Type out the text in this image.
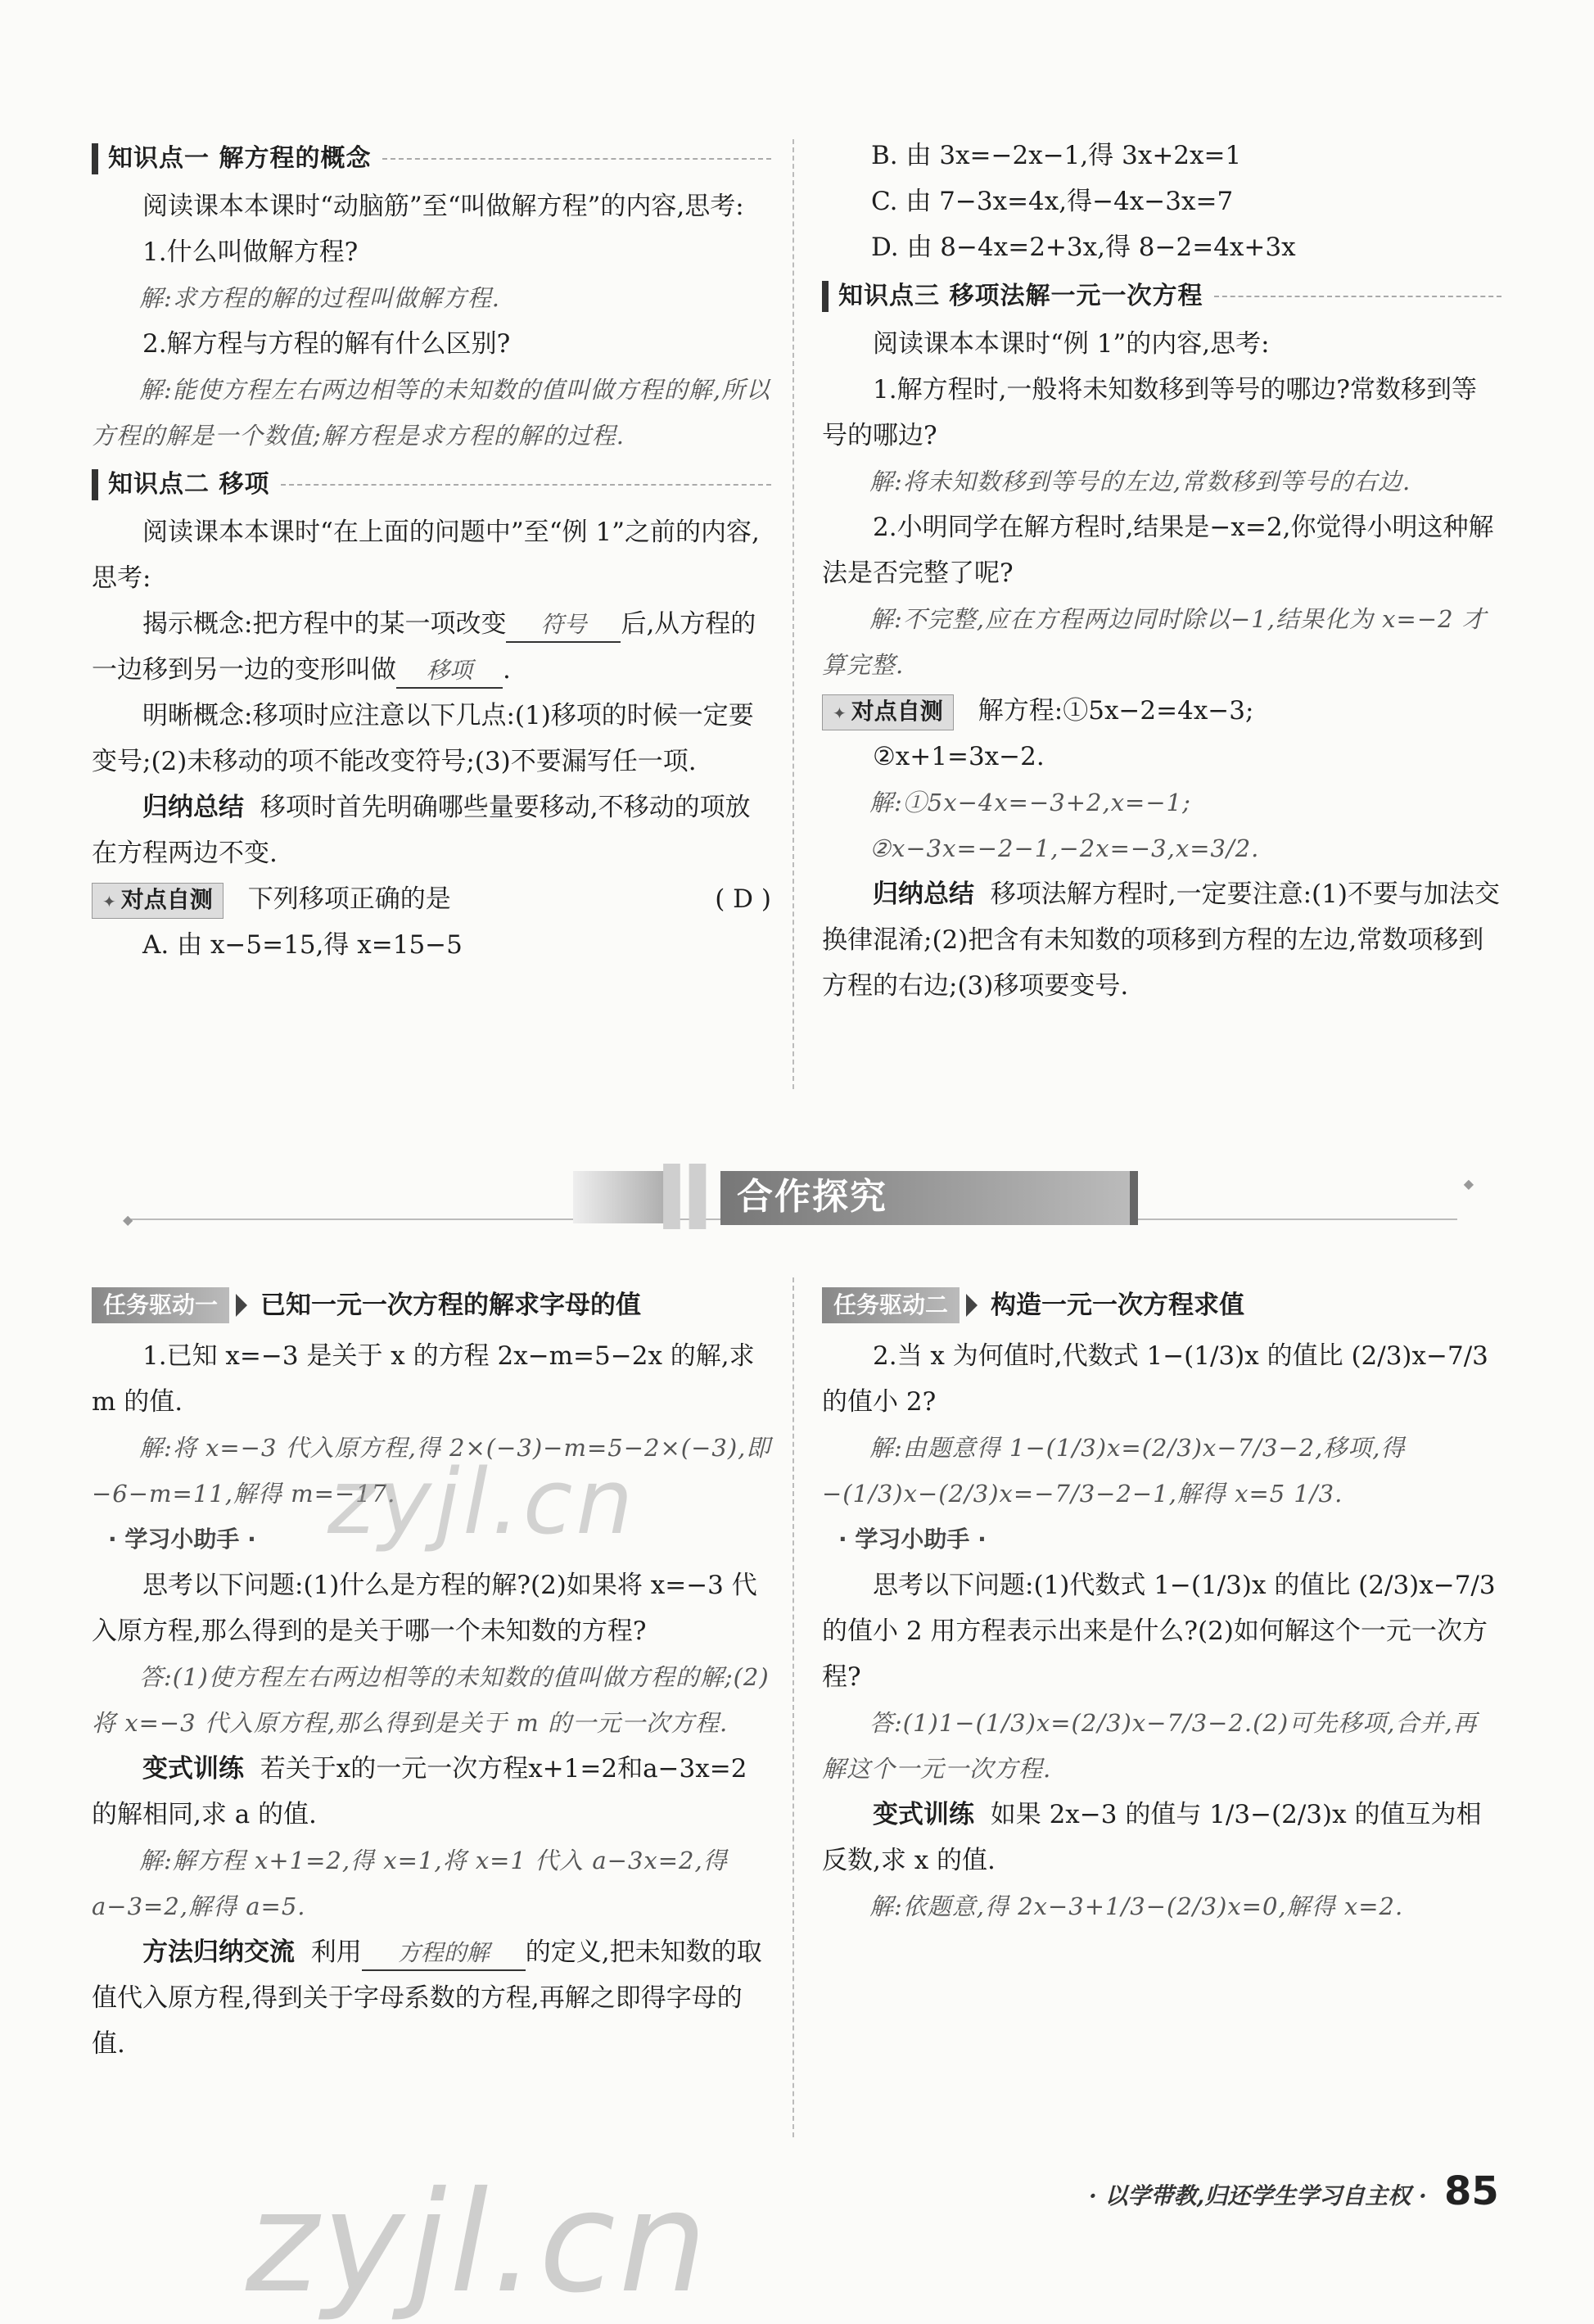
知识点一 解方程的概念

阅读课本本课时“动脑筋”至“叫做解方程”的内容,思考:

1.什么叫做解方程?

解:求方程的解的过程叫做解方程.

2.解方程与方程的解有什么区别?

解:能使方程左右两边相等的未知数的值叫做方程的解,所以方程的解是一个数值;解方程是求方程的解的过程.

知识点二 移项

阅读课本本课时“在上面的问题中”至“例 1”之前的内容,思考:

揭示概念:把方程中的某一项改变 符号 后,从方程的一边移到另一边的变形叫做 移项 .

明晰概念:移项时应注意以下几点:(1)移项的时候一定要变号;(2)未移动的项不能改变符号;(3)不要漏写任一项.

归纳总结 移项时首先明确哪些量要移动,不移动的项放在方程两边不变.

✦ 对点自测 下列移项正确的是	( D )

A. 由 x−5=15,得 x=15−5

B. 由 3x=−2x−1,得 3x+2x=1

C. 由 7−3x=4x,得−4x−3x=7

D. 由 8−4x=2+3x,得 8−2=4x+3x

知识点三 移项法解一元一次方程

阅读课本本课时“例 1”的内容,思考:

1.解方程时,一般将未知数移到等号的哪边?常数移到等号的哪边?

解:将未知数移到等号的左边,常数移到等号的右边.

2.小明同学在解方程时,结果是−x=2,你觉得小明这种解法是否完整了呢?

解:不完整,应在方程两边同时除以−1,结果化为 x=−2 才算完整.

✦ 对点自测 解方程:①5x−2=4x−3;

②x+1=3x−2.

解:①5x−4x=−3+2,x=−1;

②x−3x=−2−1,−2x=−3,x=3/2.

归纳总结 移项法解方程时,一定要注意:(1)不要与加法交换律混淆;(2)把含有未知数的项移到方程的左边,常数项移到方程的右边;(3)移项要变号.

◆
◆
Ⅱ 合作探究
任务驱动一	已知一元一次方程的解求字母的值

1.已知 x=−3 是关于 x 的方程 2x−m=5−2x 的解,求 m 的值.

解:将 x=−3 代入原方程,得 2×(−3)−m=5−2×(−3),即−6−m=11,解得 m=−17.

· 学习小助手 ·

思考以下问题:(1)什么是方程的解?(2)如果将 x=−3 代入原方程,那么得到的是关于哪一个未知数的方程?

答:(1)使方程左右两边相等的未知数的值叫做方程的解;(2)将 x=−3 代入原方程,那么得到是关于 m 的一元一次方程.

变式训练 若关于x的一元一次方程x+1=2和a−3x=2的解相同,求 a 的值.

解:解方程 x+1=2,得 x=1,将 x=1 代入 a−3x=2,得 a−3=2,解得 a=5.

方法归纳交流 利用 方程的解 的定义,把未知数的取值代入原方程,得到关于字母系数的方程,再解之即得字母的值.

任务驱动二	构造一元一次方程求值

2.当 x 为何值时,代数式 1−(1/3)x 的值比 (2/3)x−7/3 的值小 2?

解:由题意得 1−(1/3)x=(2/3)x−7/3−2,移项,得−(1/3)x−(2/3)x=−7/3−2−1,解得 x=5 1/3.

· 学习小助手 ·

思考以下问题:(1)代数式 1−(1/3)x 的值比 (2/3)x−7/3 的值小 2 用方程表示出来是什么?(2)如何解这个一元一次方程?

答:(1)1−(1/3)x=(2/3)x−7/3−2.(2)可先移项,合并,再解这个一元一次方程.

变式训练 如果 2x−3 的值与 1/3−(2/3)x 的值互为相反数,求 x 的值.

解:依题意,得 2x−3+1/3−(2/3)x=0,解得 x=2.

· 以学带教,归还学生学习自主权 · 85
zyjl.cn
zyjl.cn
